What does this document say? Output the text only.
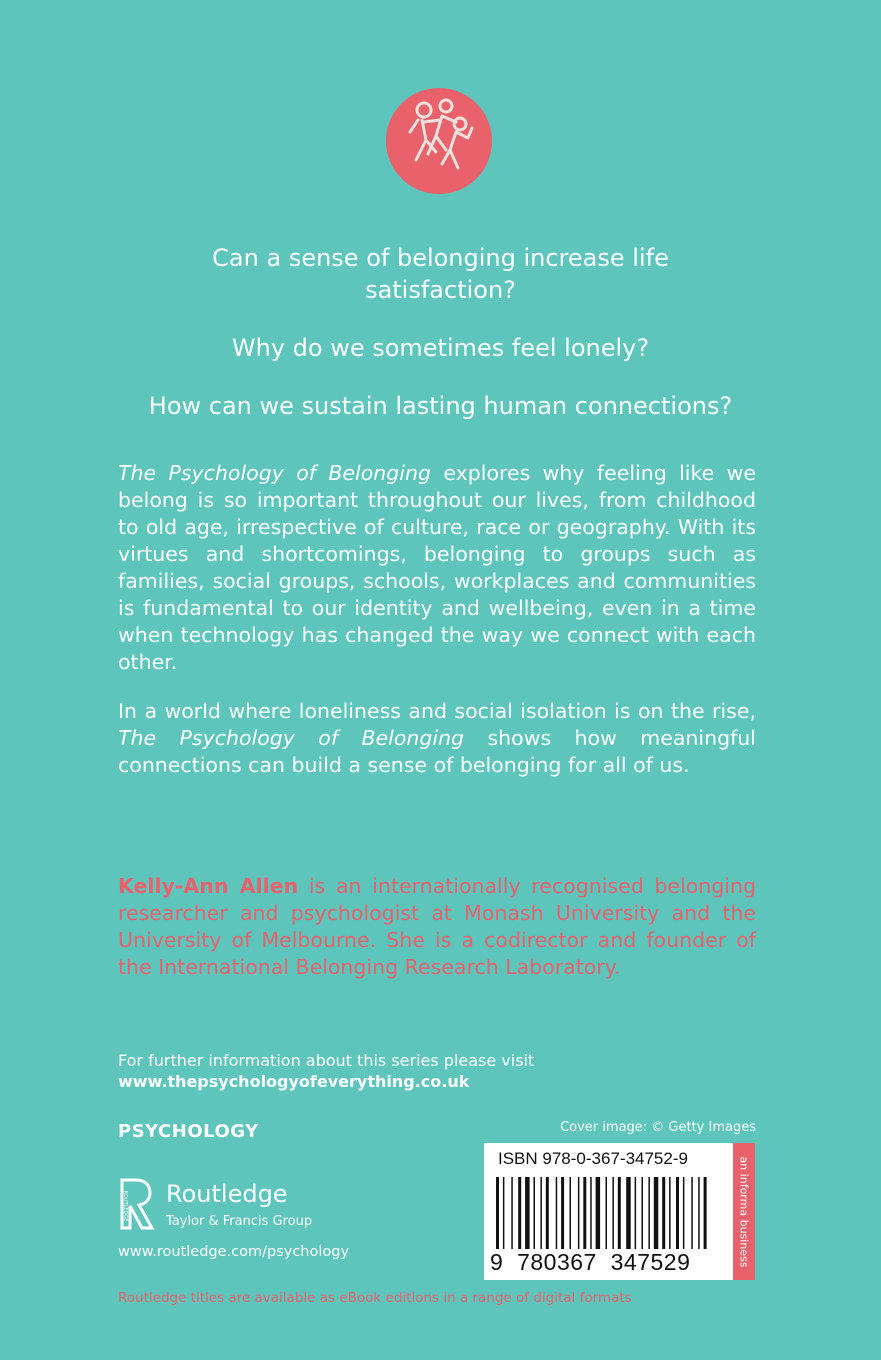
Can a sense of belonging increase life satisfaction?

Why do we sometimes feel lonely?

How can we sustain lasting human connections?

The Psychology of Belonging explores why feeling like we belong is so important throughout our lives, from childhood to old age, irrespective of culture, race or geography. With its virtues and shortcomings, belonging to groups such as families, social groups, schools, workplaces and communities is fundamental to our identity and wellbeing, even in a time when technology has changed the way we connect with each other.

In a world where loneliness and social isolation is on the rise, The Psychology of Belonging shows how meaningful connections can build a sense of belonging for all of us.

Kelly-Ann Allen is an internationally recognised belonging researcher and psychologist at Monash University and the University of Melbourne. She is a codirector and founder of the International Belonging Research Laboratory.
For further information about this series please visit
www.thepsychologyofeverything.co.uk
PSYCHOLOGY	Cover image: © Getty Images
ROUTLEDGE Routledge
Taylor & Francis Group
www.routledge.com/psychology
Routledge titles are available as eBook editions in a range of digital formats
ISBN 978-0-367-34752-9
9 780367 347529	an informa business
